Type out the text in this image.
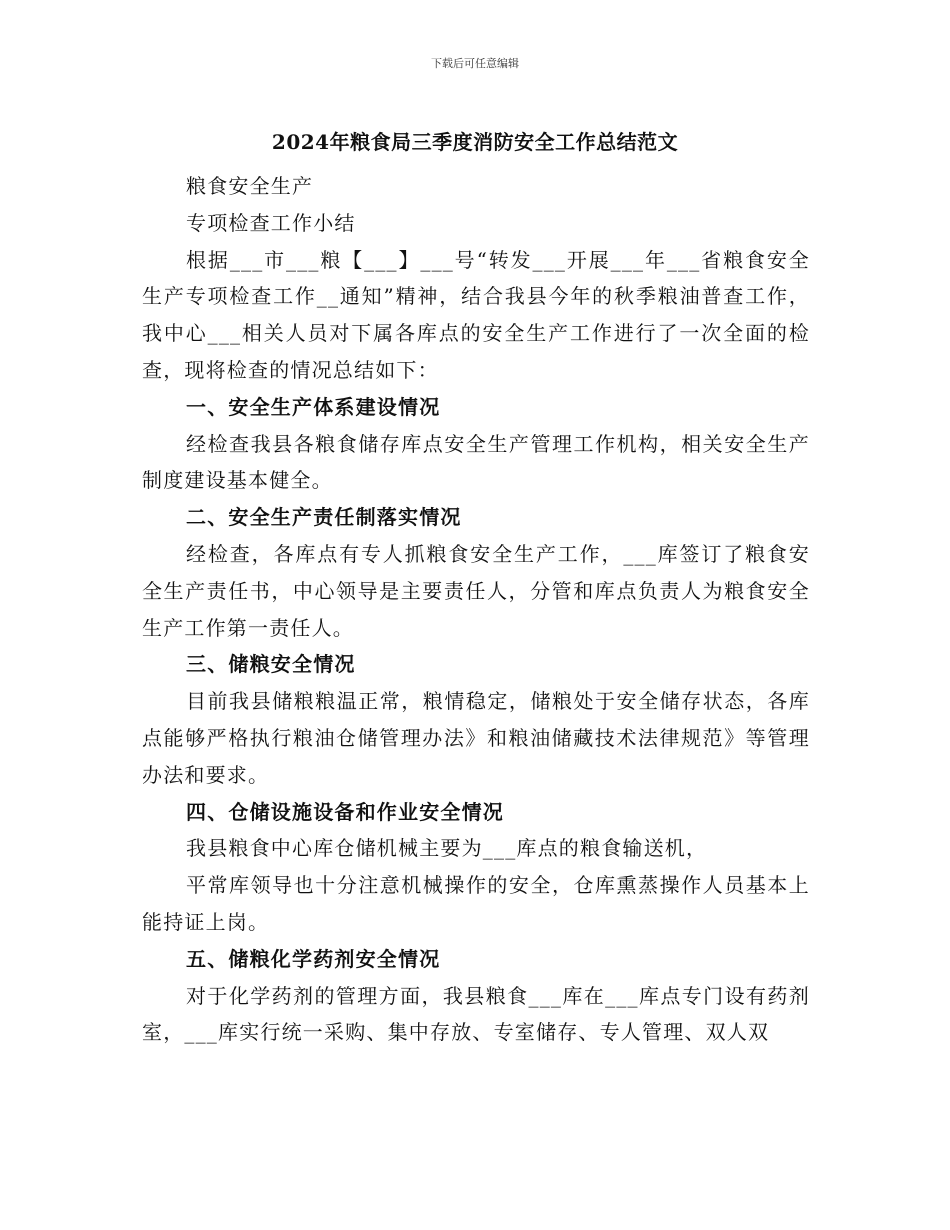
下载后可任意编辑
2024年粮食局三季度消防安全工作总结范文

粮食安全生产

专项检查工作小结

根据___市___粮【___】___号“转发___开展___年___省粮食安全生产专项检查工作__通知”精神，结合我县今年的秋季粮油普查工作，我中心___相关人员对下属各库点的安全生产工作进行了一次全面的检查，现将检查的情况总结如下：

一、安全生产体系建设情况

经检查我县各粮食储存库点安全生产管理工作机构，相关安全生产制度建设基本健全。

二、安全生产责任制落实情况

经检查，各库点有专人抓粮食安全生产工作，___库签订了粮食安全生产责任书，中心领导是主要责任人，分管和库点负责人为粮食安全生产工作第一责任人。

三、储粮安全情况

目前我县储粮粮温正常，粮情稳定，储粮处于安全储存状态，各库点能够严格执行粮油仓储管理办法》和粮油储藏技术法律规范》等管理办法和要求。

四、仓储设施设备和作业安全情况

我县粮食中心库仓储机械主要为___库点的粮食输送机，

平常库领导也十分注意机械操作的安全，仓库熏蒸操作人员基本上能持证上岗。

五、储粮化学药剂安全情况

对于化学药剂的管理方面，我县粮食___库在___库点专门设有药剂室，___库实行统一采购、集中存放、专室储存、专人管理、双人双
